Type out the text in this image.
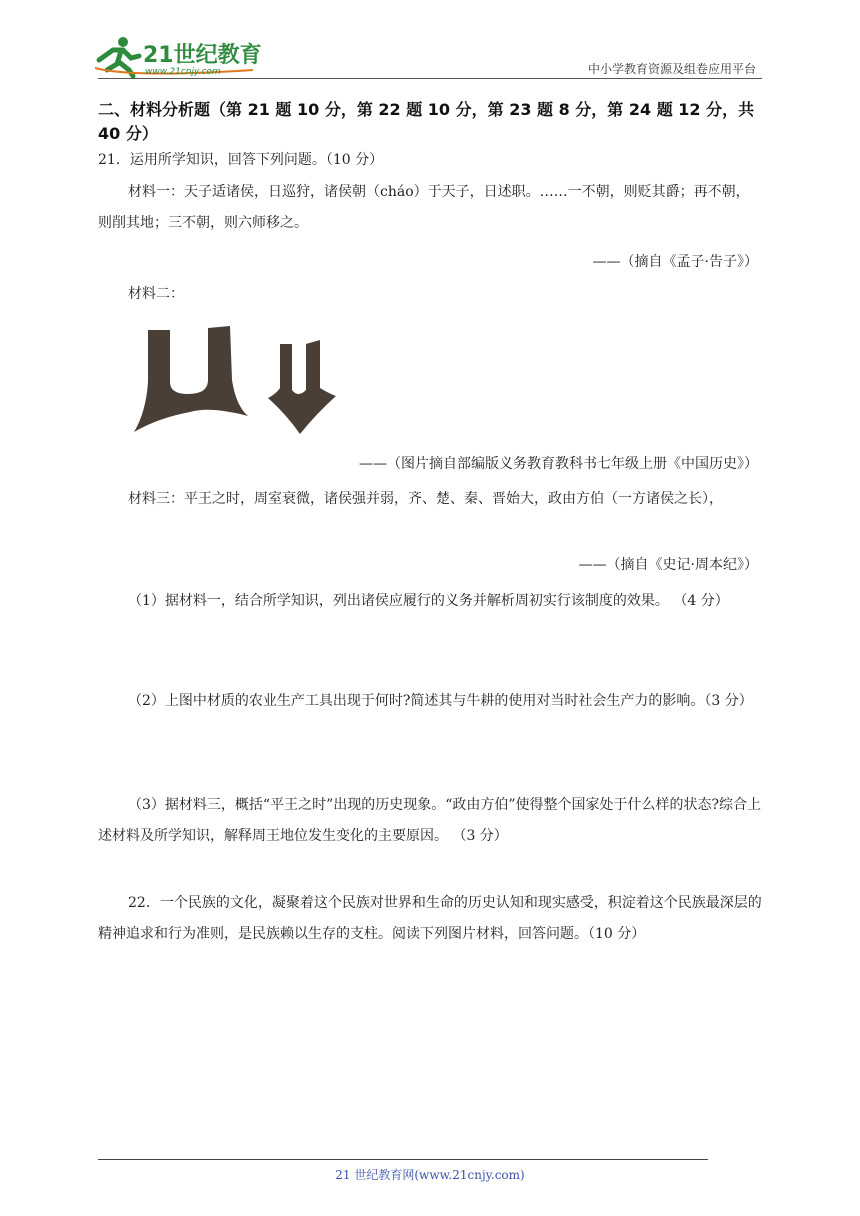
21世纪教育
www.21cnjy.com	中小学教育资源及组卷应用平台
二、材料分析题（第 21 题 10 分，第 22 题 10 分，第 23 题 8 分，第 24 题 12 分，共 40 分）
21．运用所学知识，回答下列问题。（10 分）
材料一：天子适诸侯，日巡狩，诸侯朝（cháo）于天子，日述职。……一不朝，则贬其爵；再不朝，则削其地；三不朝，则六师移之。
——（摘自《孟子·告子》）
材料二：
——（图片摘自部编版义务教育教科书七年级上册《中国历史》）
材料三：平王之时，周室衰微，诸侯强并弱，齐、楚、秦、晋始大，政由方伯（一方诸侯之长），
——（摘自《史记·周本纪》）
（1）据材料一，结合所学知识，列出诸侯应履行的义务并解析周初实行该制度的效果。 （4 分）
（2）上图中材质的农业生产工具出现于何时?简述其与牛耕的使用对当时社会生产力的影响。（3 分）
（3）据材料三，概括“平王之时”出现的历史现象。“政由方伯”使得整个国家处于什么样的状态?综合上述材料及所学知识，解释周王地位发生变化的主要原因。 （3 分）
22．一个民族的文化，凝聚着这个民族对世界和生命的历史认知和现实感受，积淀着这个民族最深层的精神追求和行为准则，是民族赖以生存的支柱。阅读下列图片材料，回答问题。（10 分）
21 世纪教育网(www.21cnjy.com)
